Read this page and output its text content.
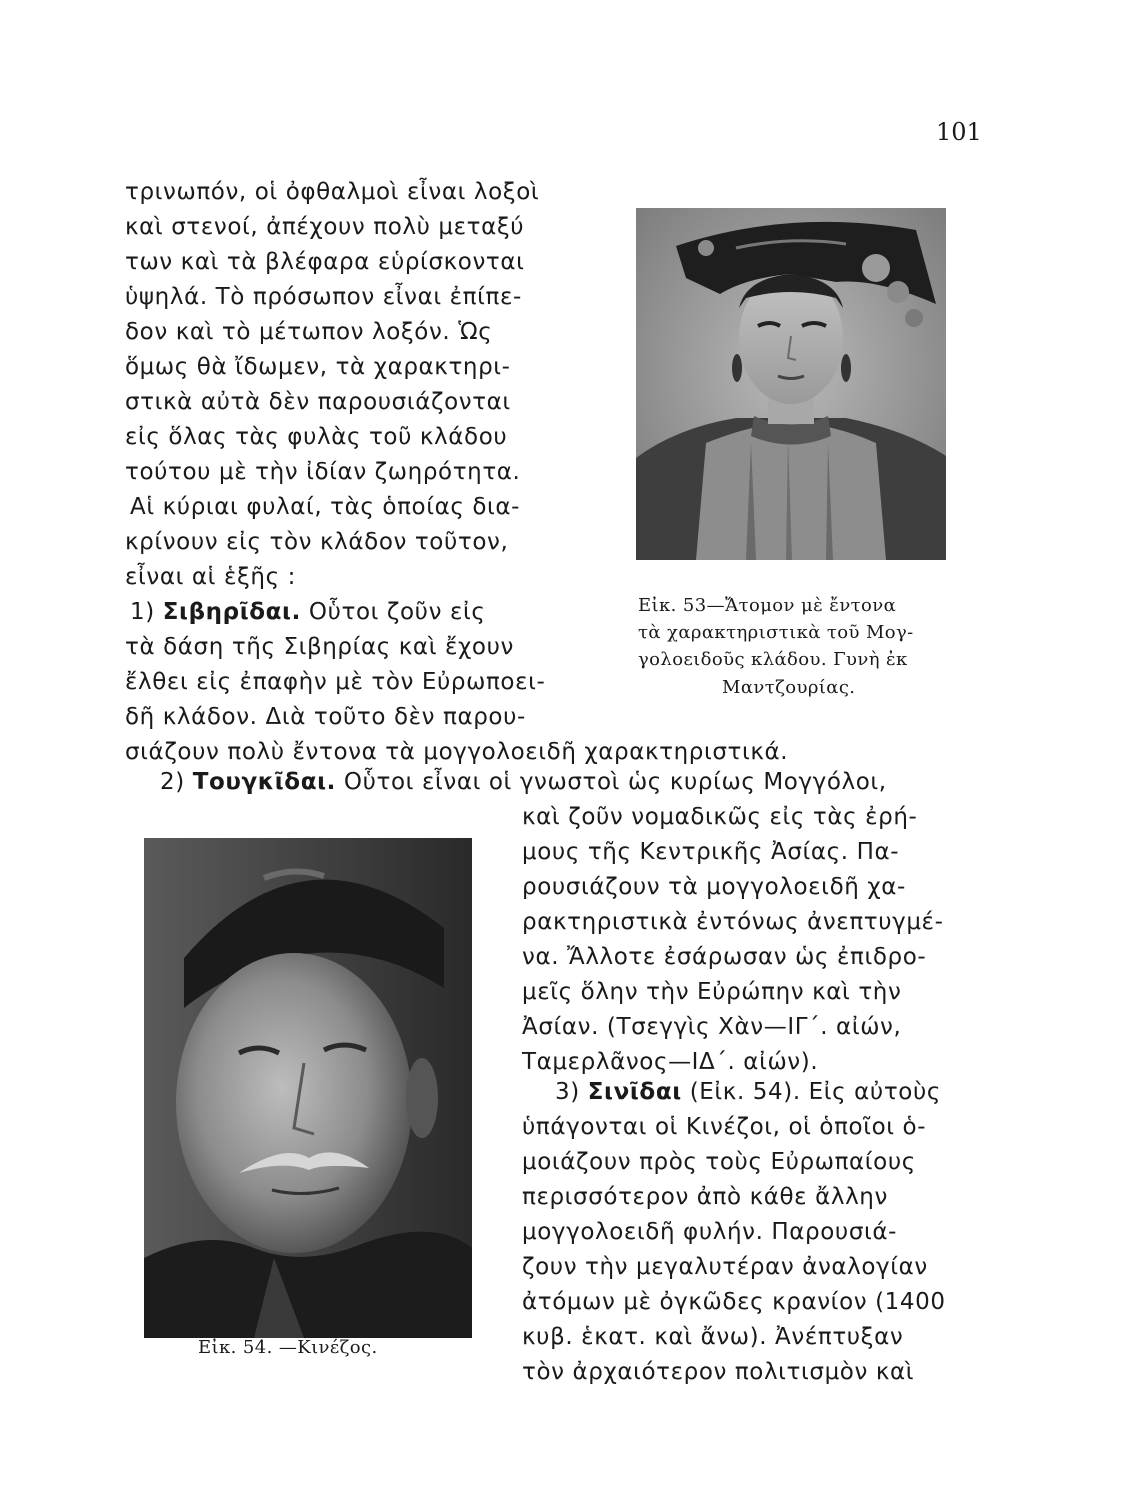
101
τρινωπόν, οἱ ὀφθαλμοὶ εἶναι λοξοὶ
καὶ στενοί, ἀπέχουν πολὺ μεταξύ
των καὶ τὰ βλέφαρα εὑρίσκονται
ὑψηλά. Τὸ πρόσωπον εἶναι ἐπίπε-
δον καὶ τὸ μέτωπον λοξόν. Ὡς
ὅμως θὰ ἴδωμεν, τὰ χαρακτηρι-
στικὰ αὐτὰ δὲν παρουσιάζονται
εἰς ὅλας τὰς φυλὰς τοῦ κλάδου
τούτου μὲ τὴν ἰδίαν ζωηρότητα.
Αἱ κύριαι φυλαί, τὰς ὁποίας δια-
κρίνουν εἰς τὸν κλάδον τοῦτον,
εἶναι αἱ ἑξῆς :
1) Σιβηρῖδαι. Οὗτοι ζοῦν εἰς
τὰ δάση τῆς Σιβηρίας καὶ ἔχουν
ἔλθει εἰς ἐπαφὴν μὲ τὸν Εὐρωποει-
δῆ κλάδον. Διὰ τοῦτο δὲν παρου-
σιάζουν πολὺ ἔντονα τὰ μογγολοειδῆ χαρακτηριστικά.
2) Τουγκῖδαι. Οὗτοι εἶναι οἱ γνωστοὶ ὡς κυρίως Μογγόλοι,
καὶ ζοῦν νομαδικῶς εἰς τὰς ἐρή-
μους τῆς Κεντρικῆς Ἀσίας. Πα-
ρουσιάζουν τὰ μογγολοειδῆ χα-
ρακτηριστικὰ ἐντόνως ἀνεπτυγμέ-
να. Ἄλλοτε ἐσάρωσαν ὡς ἐπιδρο-
μεῖς ὅλην τὴν Εὐρώπην καὶ τὴν
Ἀσίαν. (Τσεγγὶς Χὰν—ΙΓ΄. αἰών,
Ταμερλᾶνος—ΙΔ΄. αἰών).
3) Σινῖδαι (Εἰκ. 54). Εἰς αὐτοὺς
ὑπάγονται οἱ Κινέζοι, οἱ ὁποῖοι ὁ-
μοιάζουν πρὸς τοὺς Εὐρωπαίους
περισσότερον ἀπὸ κάθε ἄλλην
μογγολοειδῆ φυλήν. Παρουσιά-
ζουν τὴν μεγαλυτέραν ἀναλογίαν
ἀτόμων μὲ ὀγκῶδες κρανίον (1400
κυβ. ἑκατ. καὶ ἄνω). Ἀνέπτυξαν
τὸν ἀρχαιότερον πολιτισμὸν καὶ
Εἰκ. 53—Ἄτομον μὲ ἔντονα
τὰ χαρακτηριστικὰ τοῦ Μογ-
γολοειδοῦς κλάδου. Γυνὴ ἐκ
Μαντζουρίας.
Εἰκ. 54. —Κινέζος.
